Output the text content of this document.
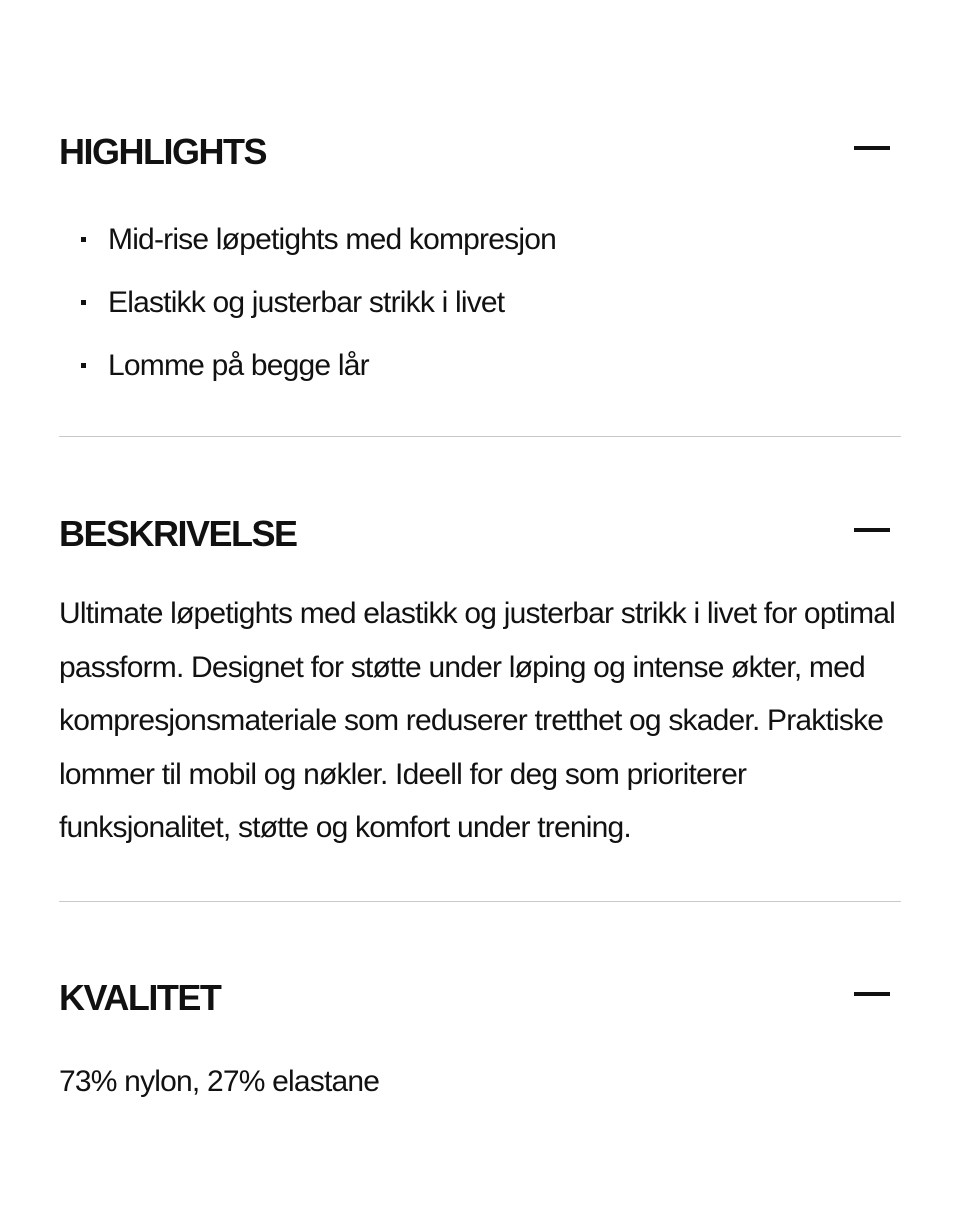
HIGHLIGHTS
Mid-rise løpetights med kompresjon
Elastikk og justerbar strikk i livet
Lomme på begge lår
BESKRIVELSE

Ultimate løpetights med elastikk og justerbar strikk i livet for optimal passform. Designet for støtte under løping og intense økter, med kompresjonsmateriale som reduserer tretthet og skader. Praktiske lommer til mobil og nøkler. Ideell for deg som prioriterer funksjonalitet, støtte og komfort under trening.

KVALITET

73% nylon, 27% elastane
